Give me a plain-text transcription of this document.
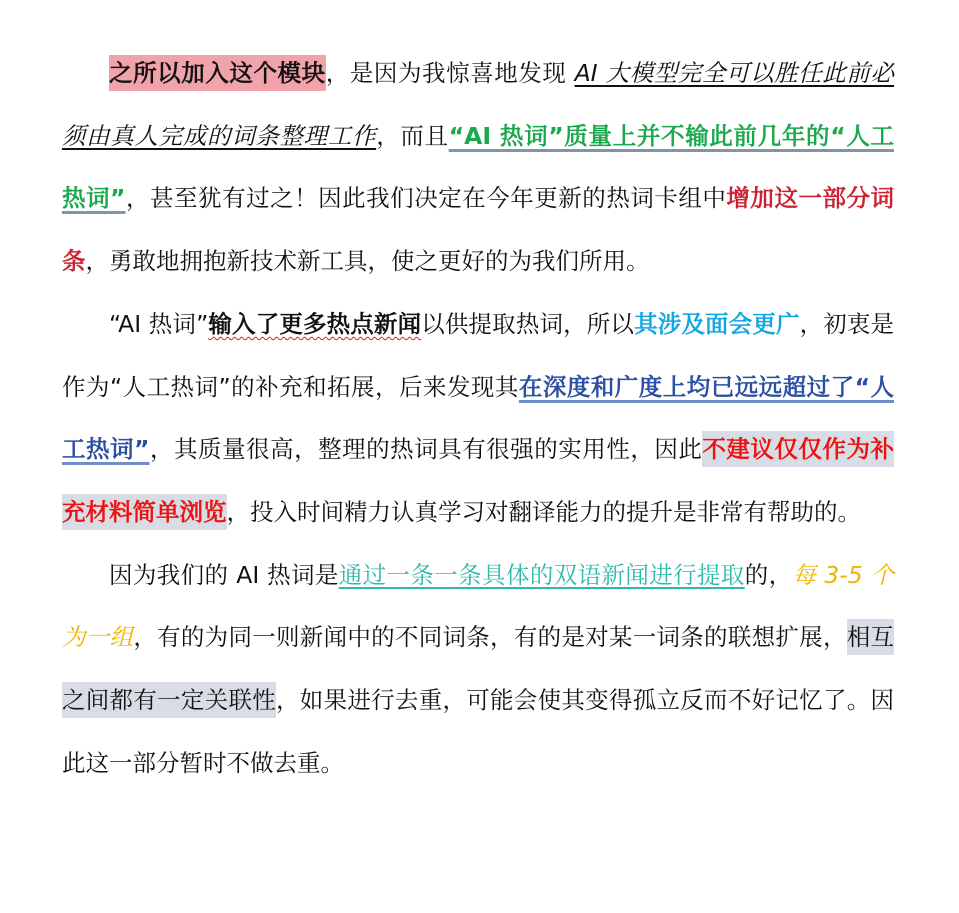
之所以加入这个模块，是因为我惊喜地发现 AI 大模型完全可以胜任此前必须由真人完成的词条整理工作，而且“AI 热词”质量上并不输此前几年的“人工热词”，甚至犹有过之！因此我们决定在今年更新的热词卡组中增加这一部分词条，勇敢地拥抱新技术新工具，使之更好的为我们所用。

“AI 热词”输入了更多热点新闻以供提取热词，所以其涉及面会更广，初衷是作为“人工热词”的补充和拓展，后来发现其在深度和广度上均已远远超过了“人工热词”，其质量很高，整理的热词具有很强的实用性，因此不建议仅仅作为补充材料简单浏览，投入时间精力认真学习对翻译能力的提升是非常有帮助的。

因为我们的 AI 热词是通过一条一条具体的双语新闻进行提取的，每 3-5 个为一组，有的为同一则新闻中的不同词条，有的是对某一词条的联想扩展，相互之间都有一定关联性，如果进行去重，可能会使其变得孤立反而不好记忆了。因此这一部分暂时不做去重。
